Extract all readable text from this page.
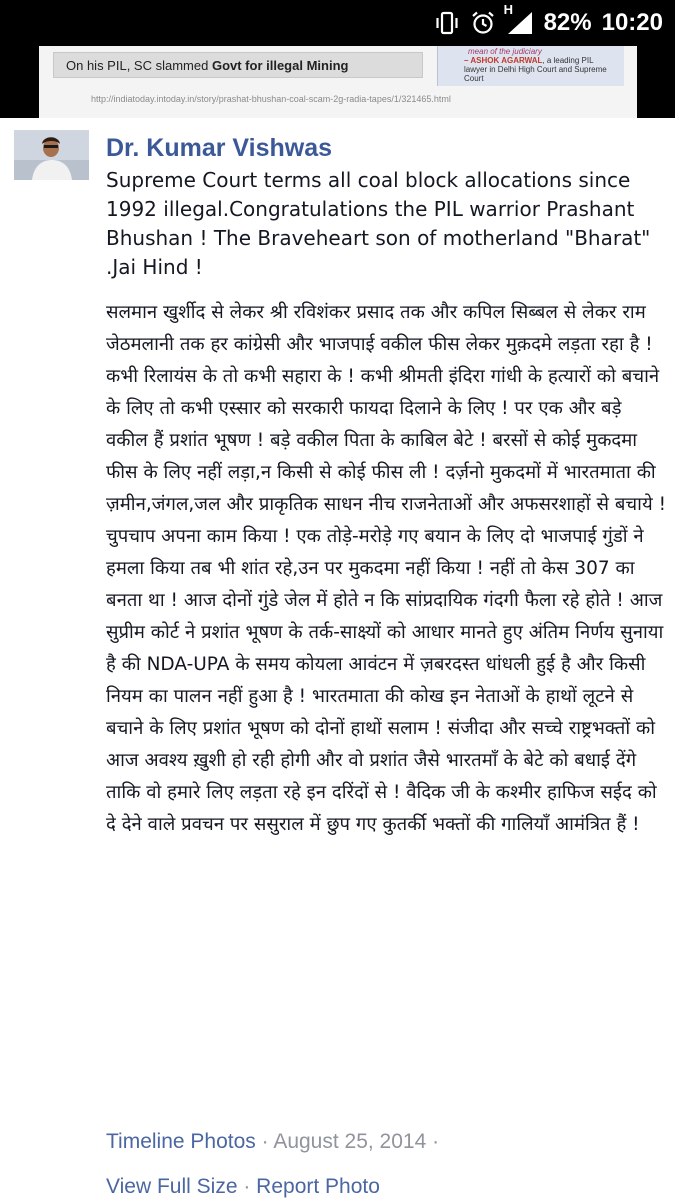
H 82% 10:20
On his PIL, SC slammed Govt for illegal Mining
mean of the judiciary
– ASHOK AGARWAL, a leading PIL lawyer in Delhi High Court and Supreme Court
http://indiatoday.intoday.in/story/prashat-bhushan-coal-scam-2g-radia-tapes/1/321465.html
Dr. Kumar Vishwas

Supreme Court terms all coal block allocations since 1992 illegal.Congratulations the PIL warrior Prashant Bhushan ! The Braveheart son of motherland "Bharat" .Jai Hind !

सलमान खुर्शीद से लेकर श्री रविशंकर प्रसाद तक और कपिल सिब्बल से लेकर राम जेठमलानी तक हर कांग्रेसी और भाजपाई वकील फीस लेकर मुक़दमे लड़ता रहा है ! कभी रिलायंस के तो कभी सहारा के ! कभी श्रीमती इंदिरा गांधी के हत्यारों को बचाने के लिए तो कभी एस्सार को सरकारी फायदा दिलाने के लिए ! पर एक और बड़े वकील हैं प्रशांत भूषण ! बड़े वकील पिता के काबिल बेटे ! बरसों से कोई मुकदमा फीस के लिए नहीं लड़ा,न किसी से कोई फीस ली ! दर्ज़नो मुकदमों में भारतमाता की ज़मीन,जंगल,जल और प्राकृतिक साधन नीच राजनेताओं और अफसरशाहों से बचाये ! चुपचाप अपना काम किया ! एक तोड़े-मरोड़े गए बयान के लिए दो भाजपाई गुंडों ने हमला किया तब भी शांत रहे,उन पर मुकदमा नहीं किया ! नहीं तो केस 307 का बनता था ! आज दोनों गुंडे जेल में होते न कि सांप्रदायिक गंदगी फैला रहे होते ! आज सुप्रीम कोर्ट ने प्रशांत भूषण के तर्क-साक्ष्यों को आधार मानते हुए अंतिम निर्णय सुनाया है की NDA-UPA के समय कोयला आवंटन में ज़बरदस्त धांधली हुई है और किसी नियम का पालन नहीं हुआ है ! भारतमाता की कोख इन नेताओं के हाथों लूटने से बचाने के लिए प्रशांत भूषण को दोनों हाथों सलाम ! संजीदा और सच्चे राष्ट्रभक्तों को आज अवश्य ख़ुशी हो रही होगी और वो प्रशांत जैसे भारतमाँ के बेटे को बधाई देंगे ताकि वो हमारे लिए लड़ता रहे इन दरिंदों से ! वैदिक जी के कश्मीर हाफिज सईद को दे देने वाले प्रवचन पर ससुराल में छुप गए कुतर्की भक्तों की गालियाँ आमंत्रित हैं !

Timeline Photos · August 25, 2014 ·
View Full Size · Report Photo
